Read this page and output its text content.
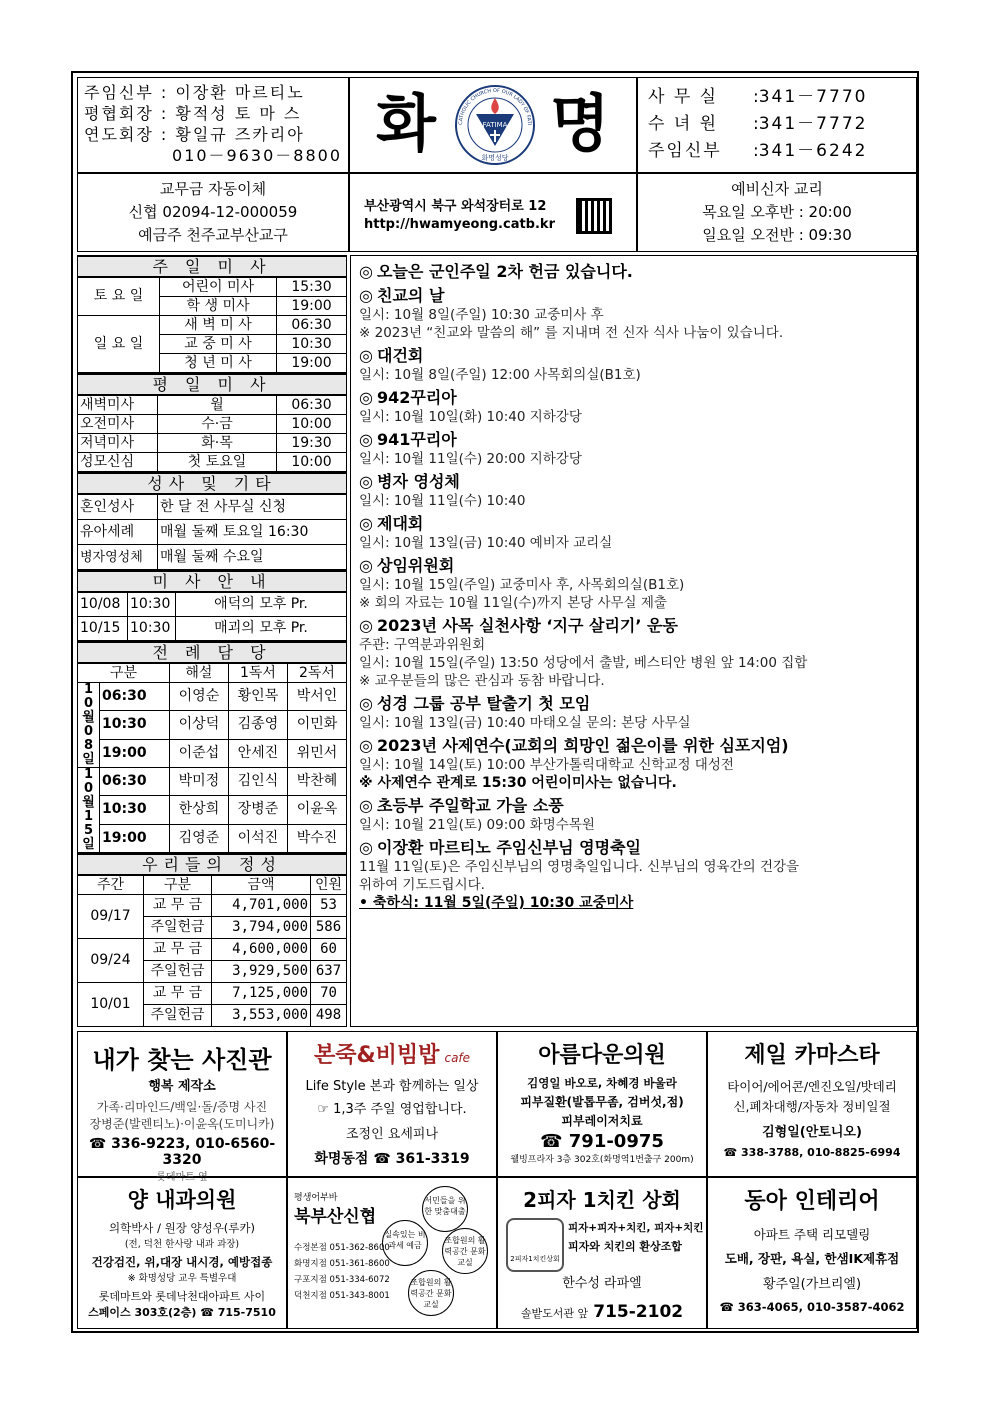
주임신부 : 이장환 마르티노
평협회장 : 황적성 토 마 스
연도회장 : 황일규 즈카리아
010－9630－8800 화	FATIMA
화명성당
CATHOLIC CHURCH OF OUR LADY OF FATI 명 사 무 실	: 341－7770
수 녀 원	: 341－7772
주임신부	: 341－6242
교무금 자동이체
신협 02094-12-000059
예금주 천주교부산교구
부산광역시 북구 와석장터로 12
http://hwamyeong.catb.kr
예비신자 교리
목요일 오후반 : 20:00
일요일 오전반 : 09:30
주 일 미 사
토 요 일	어린이 미사	15:30
	학 생 미사	19:00
일 요 일	새 벽 미 사	06:30
	교 중 미 사	10:30
	청 년 미 사	19:00
평 일 미 사
새벽미사	월	06:30
오전미사	수·금	10:00
저녁미사	화·목	19:30
성모신심	첫 토요일	10:00
성사 및 기타
혼인성사	한 달 전 사무실 신청
유아세례	매월 둘째 토요일 16:30
병자영성체	매월 둘째 수요일
미 사 안 내
10/08	10:30	애덕의 모후 Pr.
10/15	10:30	매괴의 모후 Pr.
전 례 담 당
구분		해설	1독서	2독서
10월08일	06:30	이영순	황인목	박서인
	10:30	이상덕	김종영	이민화
	19:00	이준섭	안세진	위민서
10월15일	06:30	박미정	김인식	박찬혜
	10:30	한상희	장병준	이윤옥
	19:00	김영준	이석진	박수진
우리들의 정성
주간	구분	금액	인원
09/17	교 무 금	4,701,000	53
	주일헌금	3,794,000	586
09/24	교 무 금	4,600,000	60
	주일헌금	3,929,500	637
10/01	교 무 금	7,125,000	70
	주일헌금	3,553,000	498
◎ 오늘은 군인주일 2차 헌금 있습니다.
◎ 친교의 날
일시: 10월 8일(주일) 10:30 교중미사 후
※ 2023년 “친교와 말씀의 해” 를 지내며 전 신자 식사 나눔이 있습니다.
◎ 대건회
일시: 10월 8일(주일) 12:00 사목회의실(B1호)
◎ 942꾸리아
일시: 10월 10일(화) 10:40 지하강당
◎ 941꾸리아
일시: 10월 11일(수) 20:00 지하강당
◎ 병자 영성체
일시: 10월 11일(수) 10:40
◎ 제대회
일시: 10월 13일(금) 10:40 예비자 교리실
◎ 상임위원회
일시: 10월 15일(주일) 교중미사 후, 사목회의실(B1호)
※ 회의 자료는 10월 11일(수)까지 본당 사무실 제출
◎ 2023년 사목 실천사항 ‘지구 살리기’ 운동
주관: 구역분과위원회
일시: 10월 15일(주일) 13:50 성당에서 출발, 베스티안 병원 앞 14:00 집합
※ 교우분들의 많은 관심과 동참 바랍니다.
◎ 성경 그룹 공부 탈출기 첫 모임
일시: 10월 13일(금) 10:40 마태오실 문의: 본당 사무실
◎ 2023년 사제연수(교회의 희망인 젊은이를 위한 심포지엄)
일시: 10월 14일(토) 10:00 부산가톨릭대학교 신학교정 대성전
※ 사제연수 관계로 15:30 어린이미사는 없습니다.
◎ 초등부 주일학교 가을 소풍
일시: 10월 21일(토) 09:00 화명수목원
◎ 이장환 마르티노 주임신부님 영명축일
11월 11일(토)은 주임신부님의 영명축일입니다. 신부님의 영육간의 건강을
위하여 기도드립시다.
• 축하식: 11월 5일(주일) 10:30 교중미사
내가 찾는 사진관
행복 제작소
가족·리마인드/백일·돌/증명 사진
장병준(발렌티노)·이윤옥(도미니카)
☎ 336-9223, 010-6560-3320
롯데마트 옆
본죽&비빔밥 cafe
Life Style 본과 함께하는 일상
☞ 1,3주 주일 영업합니다.
조정인 요세피나
화명동점 ☎ 361-3319
아름다운의원
김영일 바오로, 차혜경 바울라
피부질환(발톱무좀, 검버섯,점)
피부레이저치료
☎ 791-0975
웰빙프라자 3층 302호(화명역1번출구 200m)
제일 카마스타
타이어/에어콘/엔진오일/밧데리
신,폐차대행/자동차 정비일절
김형일(안토니오)
☎ 338-3788, 010-8825-6994
양 내과의원
의학박사 / 원장 양성우(루카)
(전, 덕천 한사랑 내과 과장)
건강검진, 위,대장 내시경, 예방접종
※ 화명성당 교우 특별우대
롯데마트와 롯데낙천대아파트 사이
스페이스 303호(2층) ☎ 715-7510
평생어부바
북부산신협
수정본점 051-362-8600
화명지점 051-361-8600
구포지점 051-334-6072
덕천지점 051-343-8001
실속있는 비과세 예금
서민들을 위한 맞춤대출
조합원의 활력공간 문화교실
조합원의 활력공간 문화교실
2피자 1치킨 상회
2피자1치킨상회
피자+피자+치킨, 피자+치킨
피자와 치킨의 환상조합
한수성 라파엘
솔밭도서관 앞 715-2102
동아 인테리어
아파트 주택 리모델링
도배, 장판, 욕실, 한샘IK제휴점
황주일(가브리엘)
☎ 363-4065, 010-3587-4062
